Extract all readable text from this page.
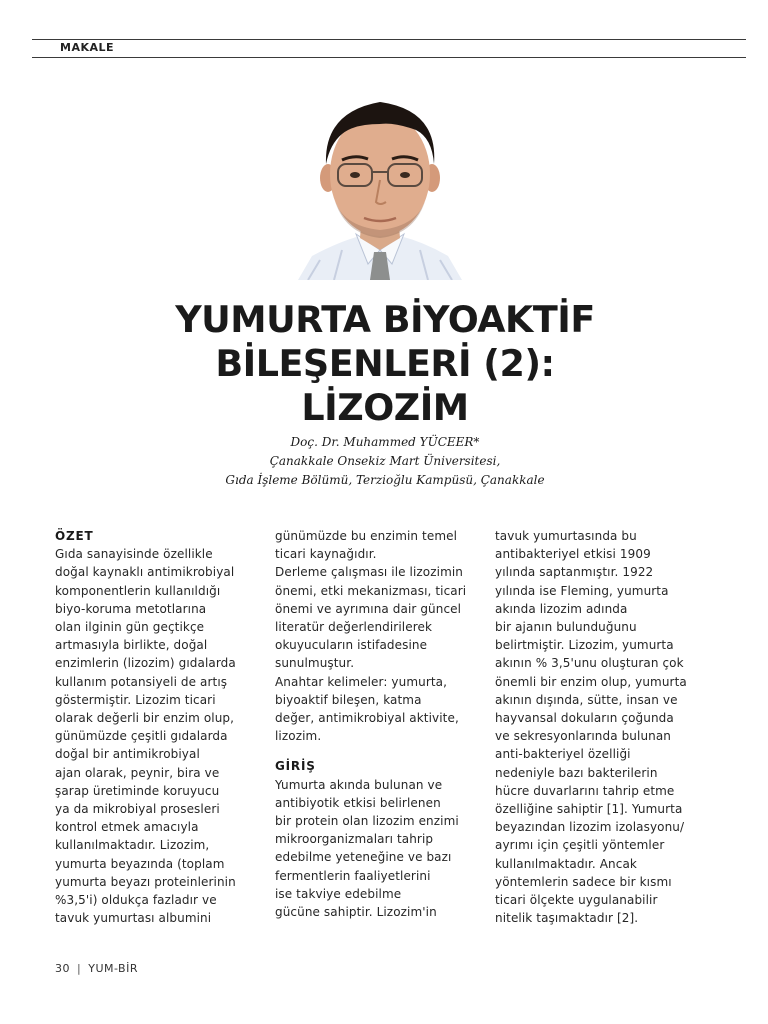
MAKALE
YUMURTA BİYOAKTİF
BİLEŞENLERİ (2):
LİZOZİM
Doç. Dr. Muhammed YÜCEER*
Çanakkale Onsekiz Mart Üniversitesi,
Gıda İşleme Bölümü, Terzioğlu Kampüsü, Çanakkale
ÖZET
Gıda sanayisinde özellikle
doğal kaynaklı antimikrobiyal
komponentlerin kullanıldığı
biyo-koruma metotlarına
olan ilginin gün geçtikçe
artmasıyla birlikte, doğal
enzimlerin (lizozim) gıdalarda
kullanım potansiyeli de artış
göstermiştir. Lizozim ticari
olarak değerli bir enzim olup,
günümüzde çeşitli gıdalarda
doğal bir antimikrobiyal
ajan olarak, peynir, bira ve
şarap üretiminde koruyucu
ya da mikrobiyal prosesleri
kontrol etmek amacıyla
kullanılmaktadır. Lizozim,
yumurta beyazında (toplam
yumurta beyazı proteinlerinin
%3,5'i) oldukça fazladır ve
tavuk yumurtası albumini
günümüzde bu enzimin temel
ticari kaynağıdır.
Derleme çalışması ile lizozimin
önemi, etki mekanizması, ticari
önemi ve ayrımına dair güncel
literatür değerlendirilerek
okuyucuların istifadesine
sunulmuştur.
Anahtar kelimeler: yumurta,
biyoaktif bileşen, katma
değer, antimikrobiyal aktivite,
lizozim.
GİRİŞ
Yumurta akında bulunan ve
antibiyotik etkisi belirlenen
bir protein olan lizozim enzimi
mikroorganizmaları tahrip
edebilme yeteneğine ve bazı
fermentlerin faaliyetlerini
ise takviye edebilme
gücüne sahiptir. Lizozim'in
tavuk yumurtasında bu
antibakteriyel etkisi 1909
yılında saptanmıştır. 1922
yılında ise Fleming, yumurta
akında lizozim adında
bir ajanın bulunduğunu
belirtmiştir. Lizozim, yumurta
akının % 3,5'unu oluşturan çok
önemli bir enzim olup, yumurta
akının dışında, sütte, insan ve
hayvansal dokuların çoğunda
ve sekresyonlarında bulunan
anti-bakteriyel özelliği
nedeniyle bazı bakterilerin
hücre duvarlarını tahrip etme
özelliğine sahiptir [1]. Yumurta
beyazından lizozim izolasyonu/
ayrımı için çeşitli yöntemler
kullanılmaktadır. Ancak
yöntemlerin sadece bir kısmı
ticari ölçekte uygulanabilir
nitelik taşımaktadır [2].
30 | YUM-BİR
